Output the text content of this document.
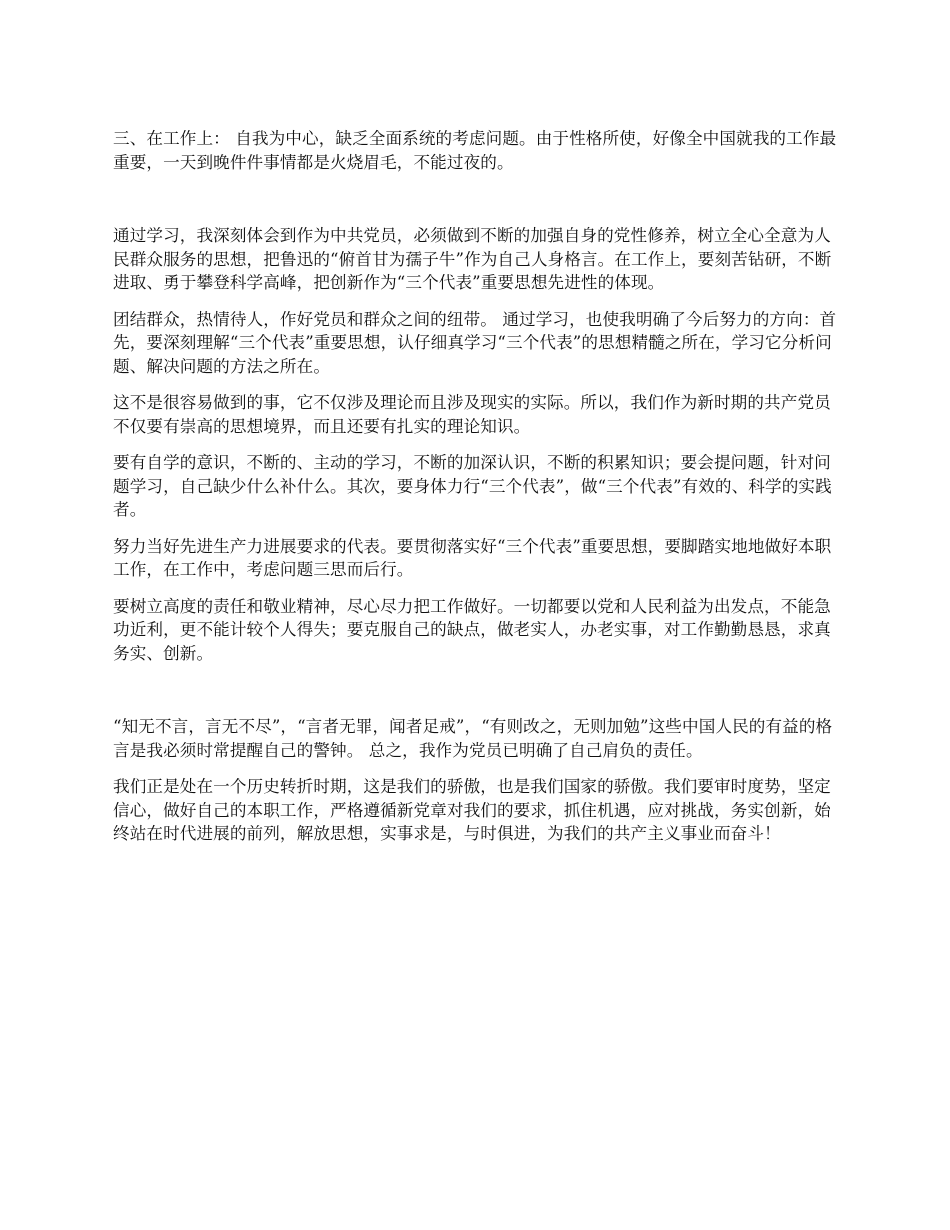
三、在工作上： 自我为中心，缺乏全面系统的考虑问题。由于性格所使，好像全中国就我的工作最重要，一天到晚件件事情都是火烧眉毛，不能过夜的。

通过学习，我深刻体会到作为中共党员，必须做到不断的加强自身的党性修养，树立全心全意为人民群众服务的思想，把鲁迅的“俯首甘为孺子牛”作为自己人身格言。在工作上，要刻苦钻研，不断进取、勇于攀登科学高峰，把创新作为“三个代表”重要思想先进性的体现。

团结群众，热情待人，作好党员和群众之间的纽带。 通过学习，也使我明确了今后努力的方向：首先，要深刻理解“三个代表”重要思想，认仔细真学习“三个代表”的思想精髓之所在，学习它分析问题、解决问题的方法之所在。

这不是很容易做到的事，它不仅涉及理论而且涉及现实的实际。所以，我们作为新时期的共产党员不仅要有崇高的思想境界，而且还要有扎实的理论知识。

要有自学的意识，不断的、主动的学习，不断的加深认识，不断的积累知识；要会提问题，针对问题学习，自己缺少什么补什么。其次，要身体力行“三个代表”，做“三个代表”有效的、科学的实践者。

努力当好先进生产力进展要求的代表。要贯彻落实好“三个代表”重要思想，要脚踏实地地做好本职工作，在工作中，考虑问题三思而后行。

要树立高度的责任和敬业精神，尽心尽力把工作做好。一切都要以党和人民利益为出发点，不能急功近利，更不能计较个人得失；要克服自己的缺点，做老实人，办老实事，对工作勤勤恳恳，求真务实、创新。

“知无不言，言无不尽”，“言者无罪，闻者足戒”，“有则改之，无则加勉”这些中国人民的有益的格言是我必须时常提醒自己的警钟。 总之，我作为党员已明确了自己肩负的责任。

我们正是处在一个历史转折时期，这是我们的骄傲，也是我们国家的骄傲。我们要审时度势，坚定信心，做好自己的本职工作，严格遵循新党章对我们的要求，抓住机遇，应对挑战，务实创新，始终站在时代进展的前列，解放思想，实事求是，与时俱进，为我们的共产主义事业而奋斗！
